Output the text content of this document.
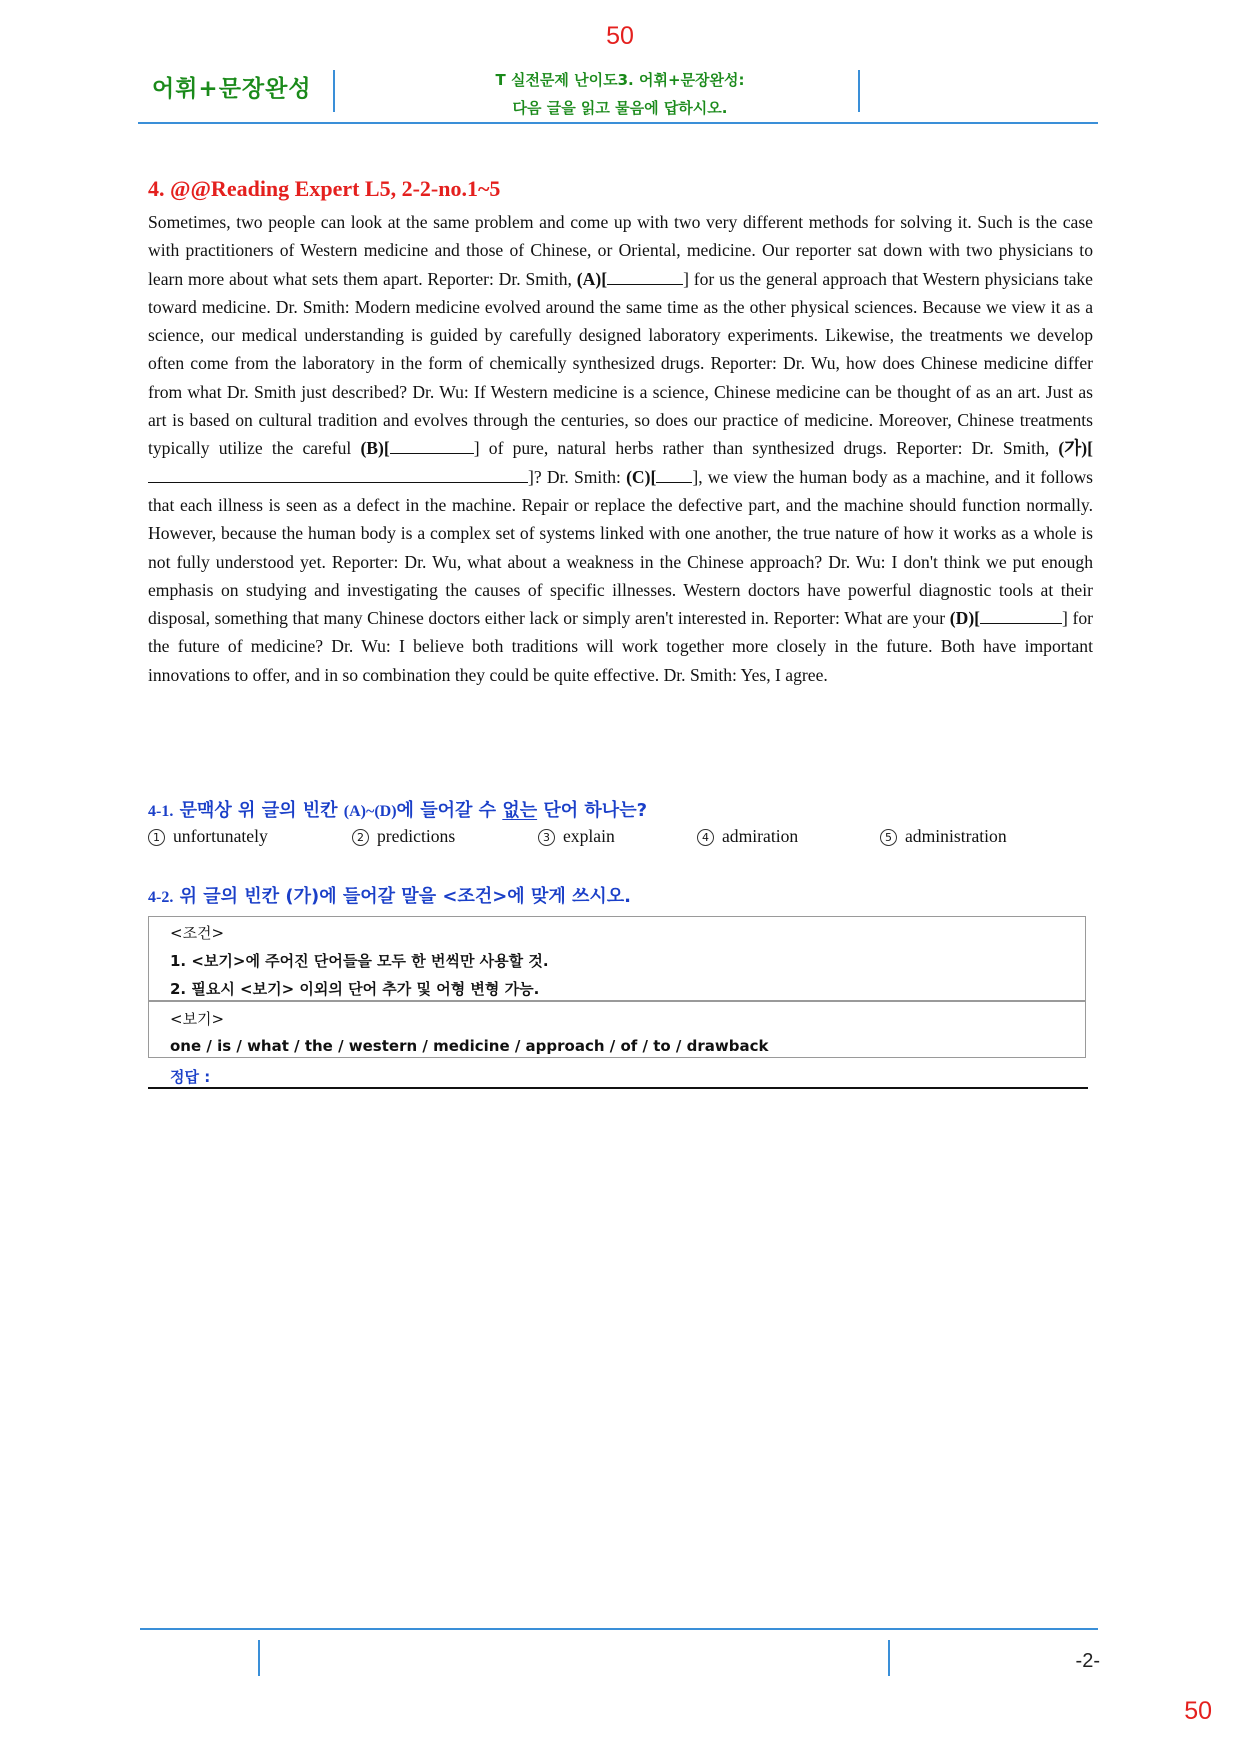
50
어휘+문장완성	T 실전문제 난이도3. 어휘+문장완성:
다음 글을 읽고 물음에 답하시오.
4. @@Reading Expert L5, 2-2-no.1~5
Sometimes, two people can look at the same problem and come up with two very different methods for solving it. Such is the case with practitioners of Western medicine and those of Chinese, or Oriental, medicine. Our reporter sat down with two physicians to learn more about what sets them apart. Reporter: Dr. Smith, (A)[	] for us the general approach that Western physicians take toward medicine. Dr. Smith: Modern medicine evolved around the same time as the other physical sciences. Because we view it as a science, our medical understanding is guided by carefully designed laboratory experiments. Likewise, the treatments we develop often come from the laboratory in the form of chemically synthesized drugs. Reporter: Dr. Wu, how does Chinese medicine differ from what Dr. Smith just described? Dr. Wu: If Western medicine is a science, Chinese medicine can be thought of as an art. Just as art is based on cultural tradition and evolves through the centuries, so does our practice of medicine. Moreover, Chinese treatments typically utilize the careful (B)[	] of pure, natural herbs rather than synthesized drugs. Reporter: Dr. Smith, (가)[]? Dr. Smith: (C)[ ], we view the human body as a machine, and it follows that each illness is seen as a defect in the machine. Repair or replace the defective part, and the machine should function normally. However, because the human body is a complex set of systems linked with one another, the true nature of how it works as a whole is not fully understood yet. Reporter: Dr. Wu, what about a weakness in the Chinese approach? Dr. Wu: I don't think we put enough emphasis on studying and investigating the causes of specific illnesses. Western doctors have powerful diagnostic tools at their disposal, something that many Chinese doctors either lack or simply aren't interested in. Reporter: What are your (D)[	] for the future of medicine? Dr. Wu: I believe both traditions will work together more closely in the future. Both have important innovations to offer, and in so combination they could be quite effective. Dr. Smith: Yes, I agree.
4-1. 문맥상 위 글의 빈칸 (A)~(D)에 들어갈 수 없는 단어 하나는?
1 unfortunately	2 predictions	3 explain	4 admiration	5 administration
4-2. 위 글의 빈칸 (가)에 들어갈 말을 <조건>에 맞게 쓰시오.
<조건>
1. <보기>에 주어진 단어들을 모두 한 번씩만 사용할 것.
2. 필요시 <보기> 이외의 단어 추가 및 어형 변형 가능.
<보기>
one / is / what / the / western / medicine / approach / of / to / drawback
정답 :
-2-
50
